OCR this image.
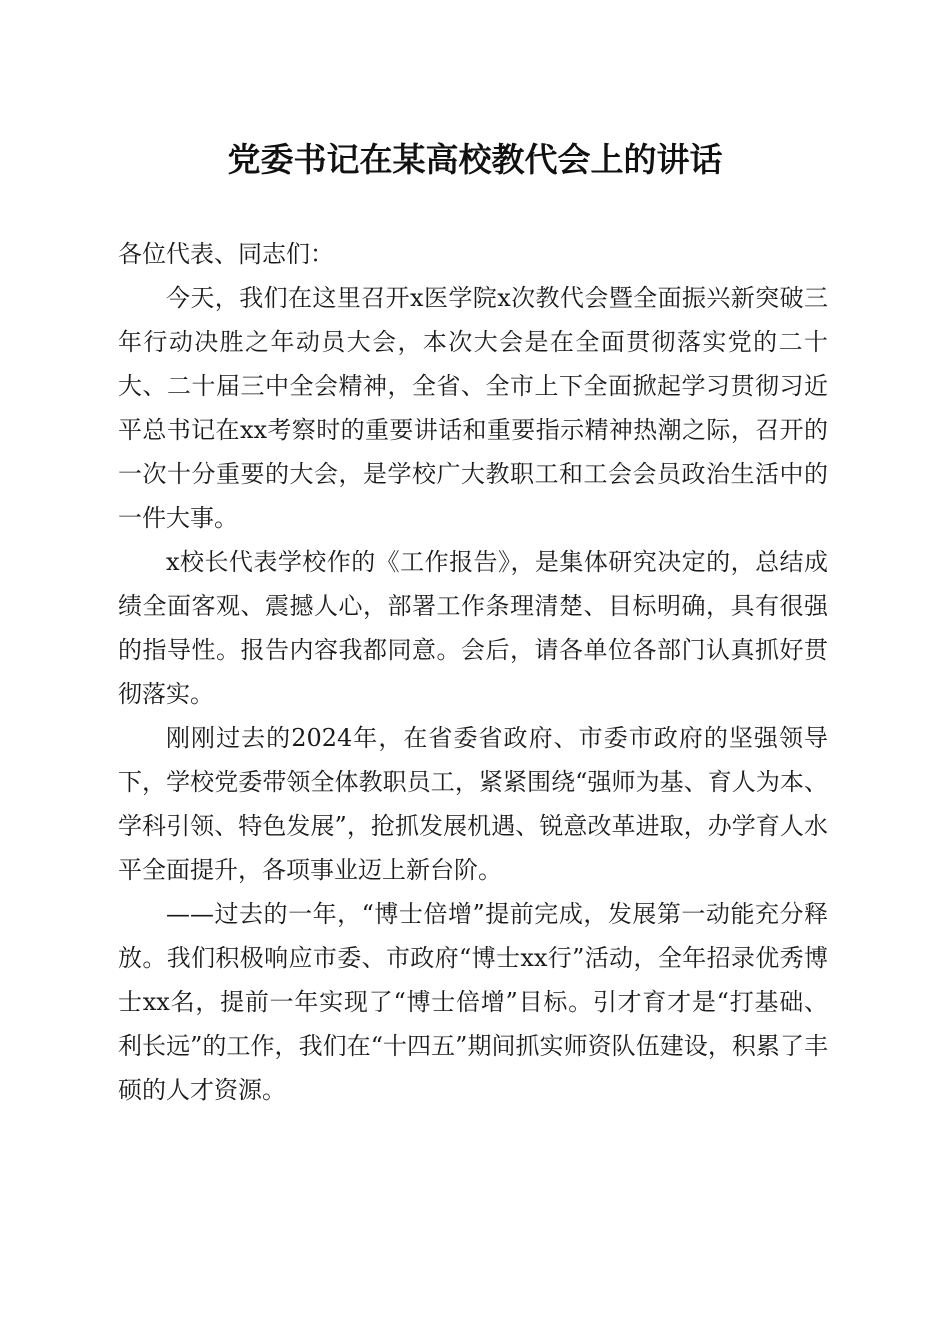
党委书记在某高校教代会上的讲话

各位代表、同志们：

今天，我们在这里召开x医学院x次教代会暨全面振兴新突破三年行动决胜之年动员大会，本次大会是在全面贯彻落实党的二十大、二十届三中全会精神，全省、全市上下全面掀起学习贯彻习近平总书记在xx考察时的重要讲话和重要指示精神热潮之际，召开的一次十分重要的大会，是学校广大教职工和工会会员政治生活中的一件大事。

x校长代表学校作的《工作报告》，是集体研究决定的，总结成绩全面客观、震撼人心，部署工作条理清楚、目标明确，具有很强的指导性。报告内容我都同意。会后，请各单位各部门认真抓好贯彻落实。

刚刚过去的2024年，在省委省政府、市委市政府的坚强领导下，学校党委带领全体教职员工，紧紧围绕“强师为基、育人为本、学科引领、特色发展”，抢抓发展机遇、锐意改革进取，办学育人水平全面提升，各项事业迈上新台阶。

——过去的一年，“博士倍增”提前完成，发展第一动能充分释放。我们积极响应市委、市政府“博士xx行”活动，全年招录优秀博士xx名，提前一年实现了“博士倍增”目标。引才育才是“打基础、利长远”的工作，我们在“十四五”期间抓实师资队伍建设，积累了丰硕的人才资源。
